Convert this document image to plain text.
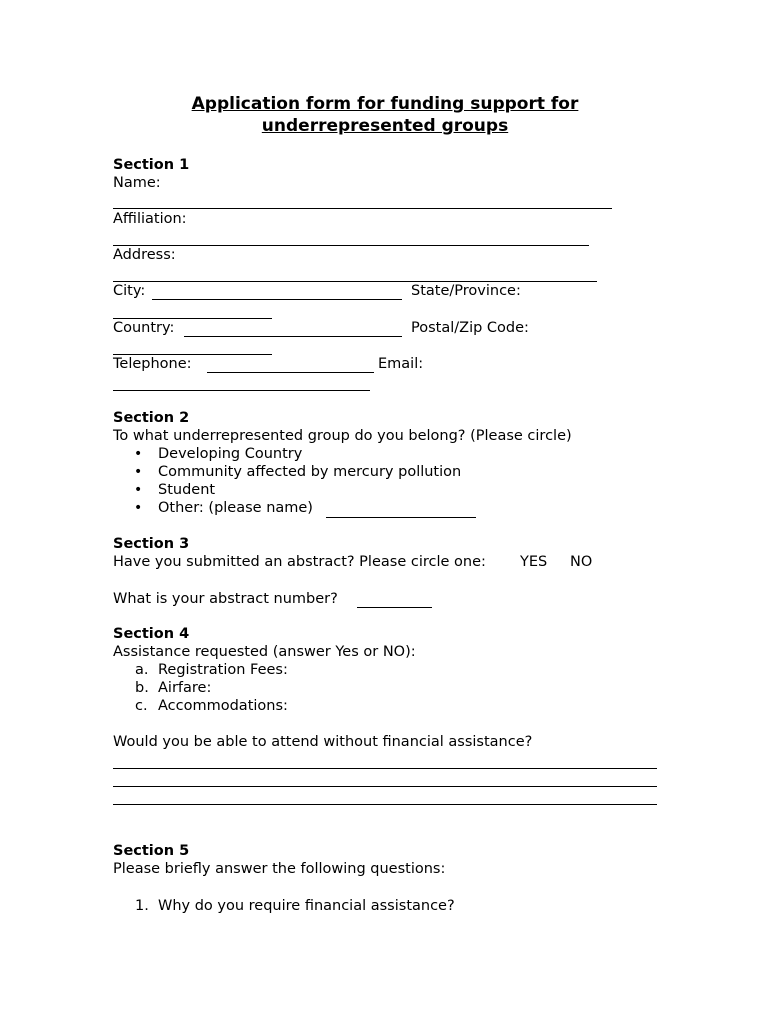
Application form for funding support for
underrepresented groups
Section 1
Name:
Affiliation:
Address:
City:	State/Province:
Country:	Postal/Zip Code:
Telephone:	Email:
Section 2
To what underrepresented group do you belong? (Please circle)
• Developing Country
• Community affected by mercury pollution
• Student
• Other: (please name)
Section 3
Have you submitted an abstract? Please circle one: YES NO
What is your abstract number?
Section 4
Assistance requested (answer Yes or NO):
a. Registration Fees:
b. Airfare:
c. Accommodations:
Would you be able to attend without financial assistance?
Section 5
Please briefly answer the following questions:
1. Why do you require financial assistance?
